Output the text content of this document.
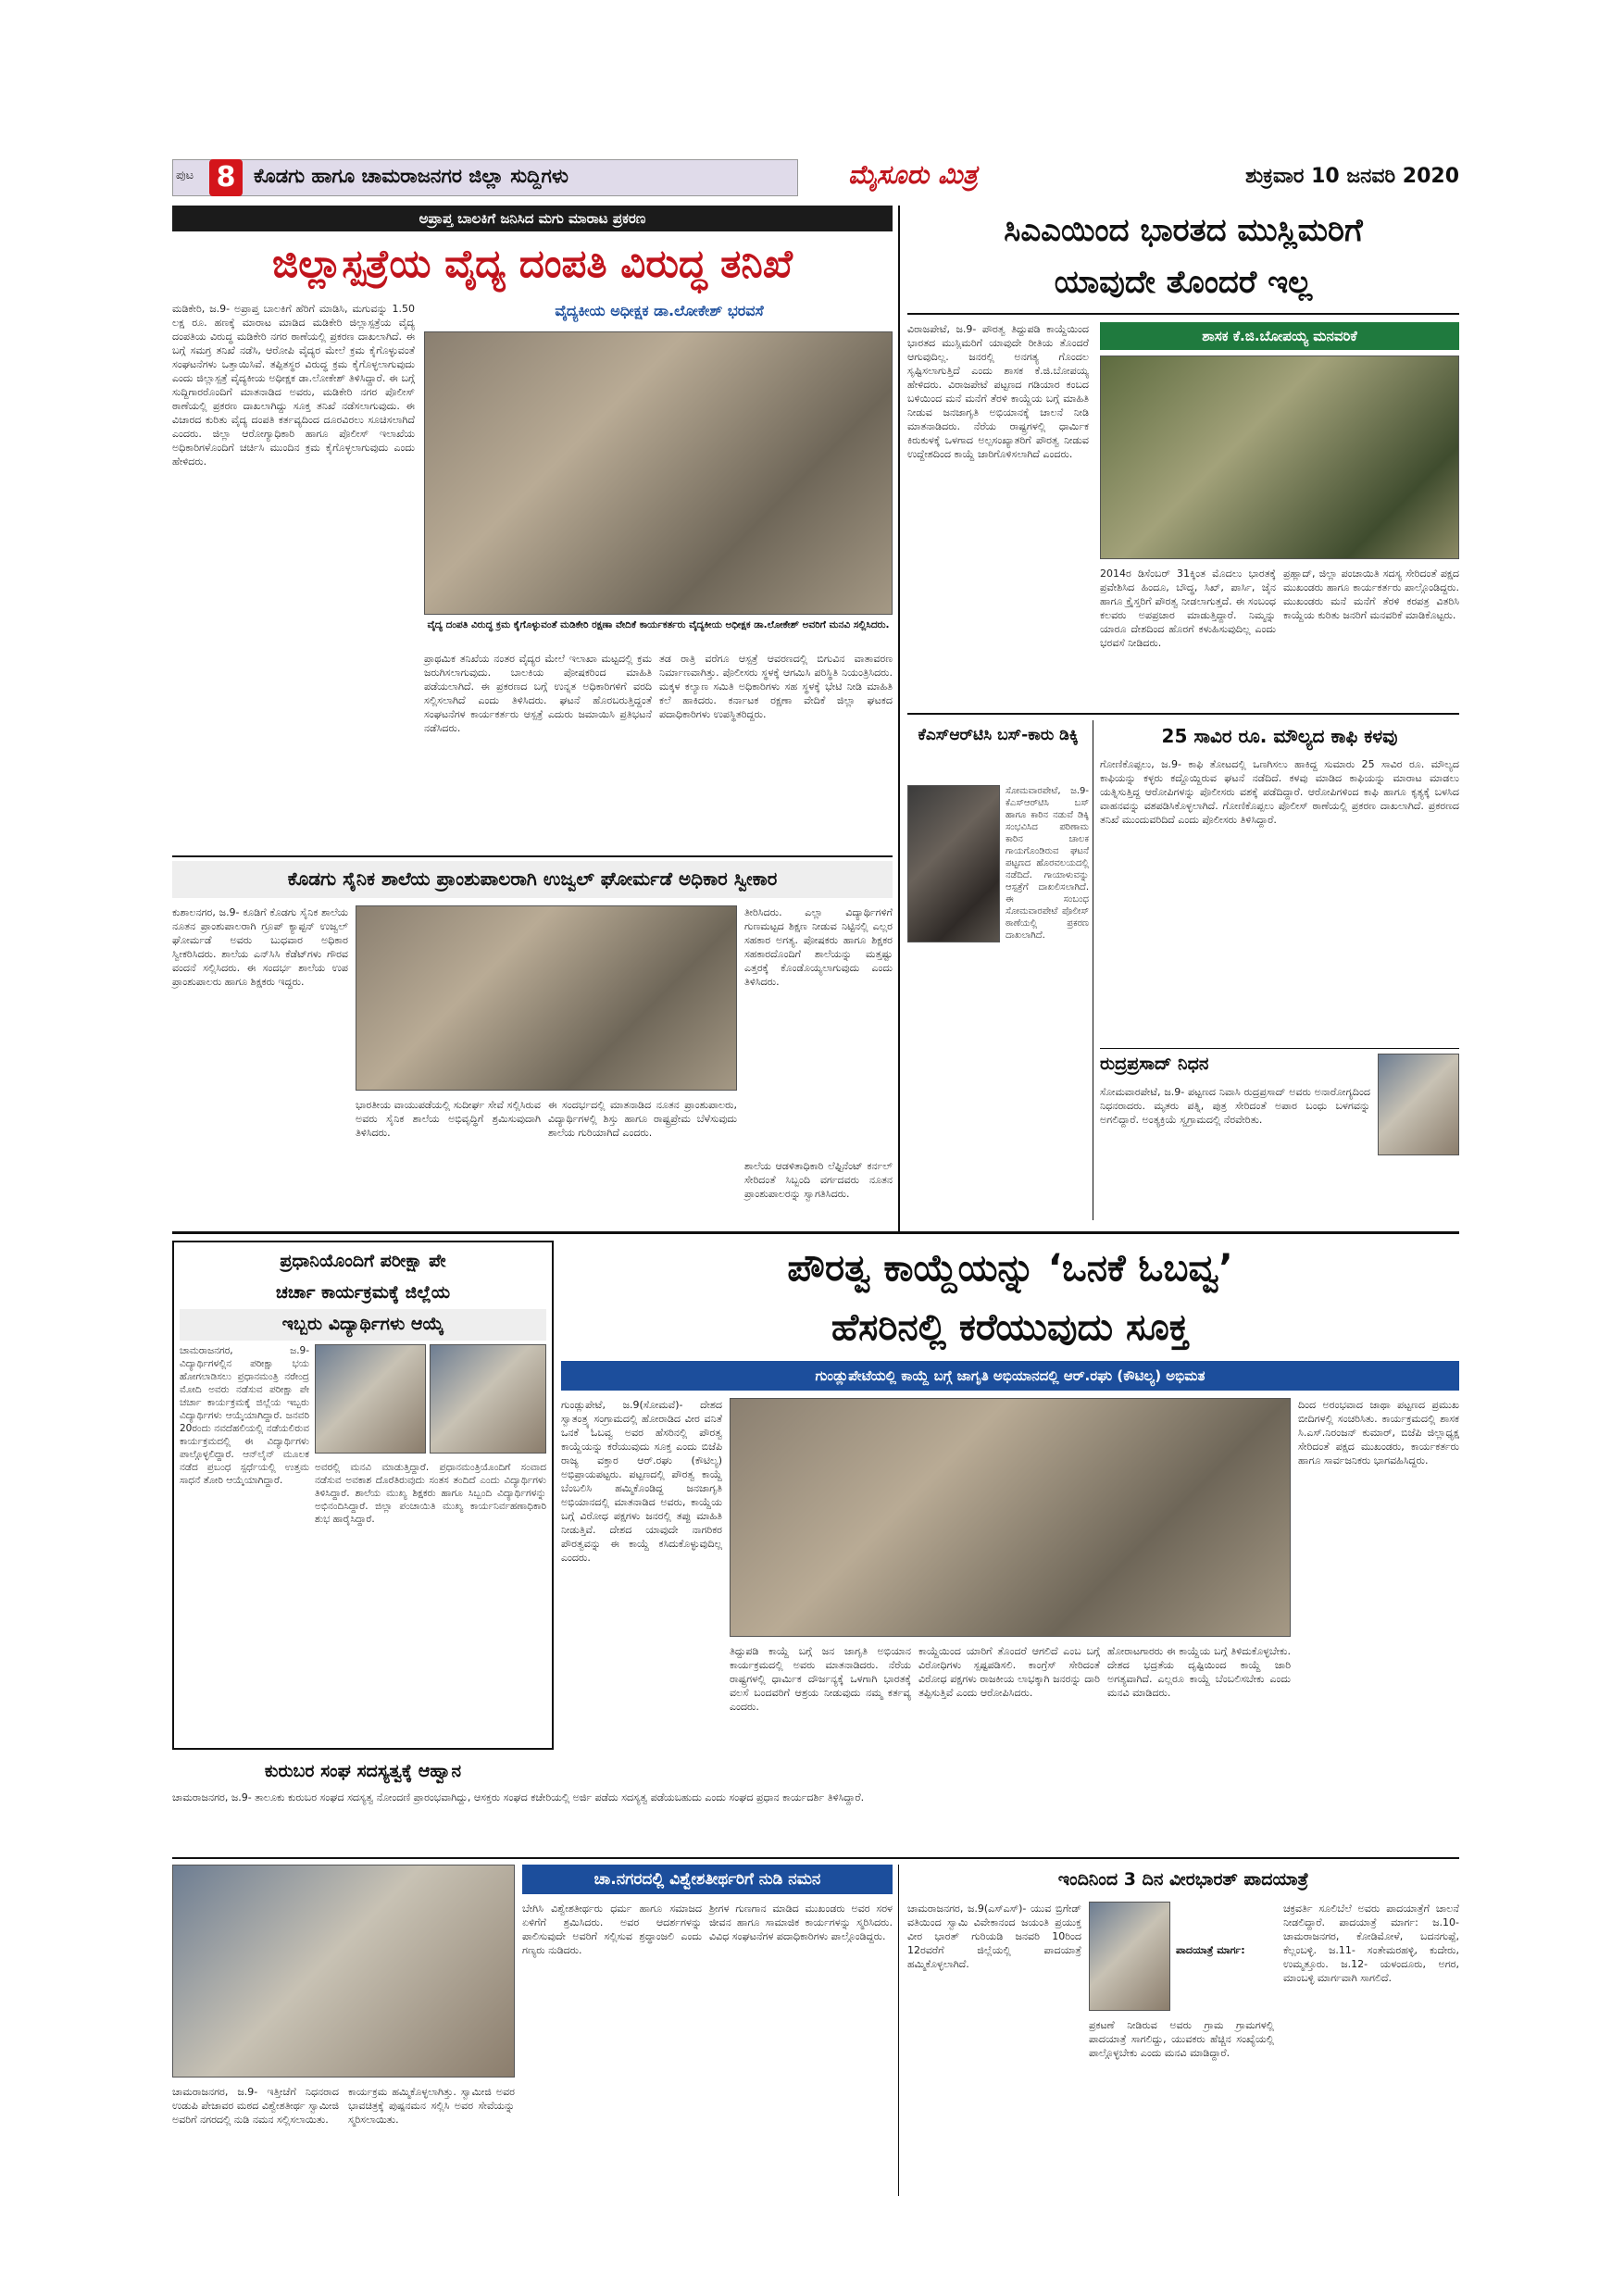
ಪುಟ 8 ಕೊಡಗು ಹಾಗೂ ಚಾಮರಾಜನಗರ ಜಿಲ್ಲಾ ಸುದ್ದಿಗಳು	ಮೈಸೂರು ಮಿತ್ರ	ಶುಕ್ರವಾರ 10 ಜನವರಿ 2020
ಅಪ್ರಾಪ್ತ ಬಾಲಕಿಗೆ ಜನಿಸಿದ ಮಗು ಮಾರಾಟ ಪ್ರಕರಣ
ಜಿಲ್ಲಾಸ್ಪತ್ರೆಯ ವೈದ್ಯ ದಂಪತಿ ವಿರುದ್ಧ ತನಿಖೆ
ವೈದ್ಯಕೀಯ ಅಧೀಕ್ಷಕ ಡಾ.ಲೋಕೇಶ್ ಭರವಸೆ
ಮಡಿಕೇರಿ, ಜ.9- ಅಪ್ರಾಪ್ತ ಬಾಲಕಿಗೆ ಹೆರಿಗೆ ಮಾಡಿಸಿ, ಮಗುವನ್ನು 1.50 ಲಕ್ಷ ರೂ. ಹಣಕ್ಕೆ ಮಾರಾಟ ಮಾಡಿದ ಮಡಿಕೇರಿ ಜಿಲ್ಲಾಸ್ಪತ್ರೆಯ ವೈದ್ಯ ದಂಪತಿಯ ವಿರುದ್ಧ ಮಡಿಕೇರಿ ನಗರ ಠಾಣೆಯಲ್ಲಿ ಪ್ರಕರಣ ದಾಖಲಾಗಿದೆ. ಈ ಬಗ್ಗೆ ಸಮಗ್ರ ತನಿಖೆ ನಡೆಸಿ, ಆರೋಪಿ ವೈದ್ಯರ ಮೇಲೆ ಕ್ರಮ ಕೈಗೊಳ್ಳುವಂತೆ ಸಂಘಟನೆಗಳು ಒತ್ತಾಯಿಸಿವೆ. ತಪ್ಪಿತಸ್ಥರ ವಿರುದ್ಧ ಕ್ರಮ ಕೈಗೊಳ್ಳಲಾಗುವುದು ಎಂದು ಜಿಲ್ಲಾಸ್ಪತ್ರೆ ವೈದ್ಯಕೀಯ ಅಧೀಕ್ಷಕ ಡಾ.ಲೋಕೇಶ್ ತಿಳಿಸಿದ್ದಾರೆ. ಈ ಬಗ್ಗೆ ಸುದ್ದಿಗಾರರೊಂದಿಗೆ ಮಾತನಾಡಿದ ಅವರು, ಮಡಿಕೇರಿ ನಗರ ಪೊಲೀಸ್ ಠಾಣೆಯಲ್ಲಿ ಪ್ರಕರಣ ದಾಖಲಾಗಿದ್ದು ಸೂಕ್ತ ತನಿಖೆ ನಡೆಸಲಾಗುವುದು. ಈ ವಿಚಾರದ ಕುರಿತು ವೈದ್ಯ ದಂಪತಿ ಕರ್ತವ್ಯದಿಂದ ದೂರವಿರಲು ಸೂಚಿಸಲಾಗಿದೆ ಎಂದರು. ಜಿಲ್ಲಾ ಆರೋಗ್ಯಾಧಿಕಾರಿ ಹಾಗೂ ಪೊಲೀಸ್ ಇಲಾಖೆಯ ಅಧಿಕಾರಿಗಳೊಂದಿಗೆ ಚರ್ಚಿಸಿ ಮುಂದಿನ ಕ್ರಮ ಕೈಗೊಳ್ಳಲಾಗುವುದು ಎಂದು ಹೇಳಿದರು.
ವೈದ್ಯ ದಂಪತಿ ವಿರುದ್ಧ ಕ್ರಮ ಕೈಗೊಳ್ಳುವಂತೆ ಮಡಿಕೇರಿ ರಕ್ಷಣಾ ವೇದಿಕೆ ಕಾರ್ಯಕರ್ತರು ವೈದ್ಯಕೀಯ ಅಧೀಕ್ಷಕ ಡಾ.ಲೋಕೇಶ್ ಅವರಿಗೆ ಮನವಿ ಸಲ್ಲಿಸಿದರು.
ಪ್ರಾಥಮಿಕ ತನಿಖೆಯ ನಂತರ ವೈದ್ಯರ ಮೇಲೆ ಇಲಾಖಾ ಮಟ್ಟದಲ್ಲಿ ಕ್ರಮ ಜರುಗಿಸಲಾಗುವುದು. ಬಾಲಕಿಯ ಪೋಷಕರಿಂದ ಮಾಹಿತಿ ಪಡೆಯಲಾಗಿದೆ. ಈ ಪ್ರಕರಣದ ಬಗ್ಗೆ ಉನ್ನತ ಅಧಿಕಾರಿಗಳಿಗೆ ವರದಿ ಸಲ್ಲಿಸಲಾಗಿದೆ ಎಂದು ತಿಳಿಸಿದರು. ಘಟನೆ ಹೊರಬರುತ್ತಿದ್ದಂತೆ ಸಂಘಟನೆಗಳ ಕಾರ್ಯಕರ್ತರು ಆಸ್ಪತ್ರೆ ಎದುರು ಜಮಾಯಿಸಿ ಪ್ರತಿಭಟನೆ ನಡೆಸಿದರು.
ತಡ ರಾತ್ರಿ ವರೆಗೂ ಆಸ್ಪತ್ರೆ ಆವರಣದಲ್ಲಿ ಬಿಗುವಿನ ವಾತಾವರಣ ನಿರ್ಮಾಣವಾಗಿತ್ತು. ಪೊಲೀಸರು ಸ್ಥಳಕ್ಕೆ ಆಗಮಿಸಿ ಪರಿಸ್ಥಿತಿ ನಿಯಂತ್ರಿಸಿದರು. ಮಕ್ಕಳ ಕಲ್ಯಾಣ ಸಮಿತಿ ಅಧಿಕಾರಿಗಳು ಸಹ ಸ್ಥಳಕ್ಕೆ ಭೇಟಿ ನೀಡಿ ಮಾಹಿತಿ ಕಲೆ ಹಾಕಿದರು. ಕರ್ನಾಟಕ ರಕ್ಷಣಾ ವೇದಿಕೆ ಜಿಲ್ಲಾ ಘಟಕದ ಪದಾಧಿಕಾರಿಗಳು ಉಪಸ್ಥಿತರಿದ್ದರು.
ಸಿಎಎಯಿಂದ ಭಾರತದ ಮುಸ್ಲಿಮರಿಗೆ
ಯಾವುದೇ ತೊಂದರೆ ಇಲ್ಲ
ವಿರಾಜಪೇಟೆ, ಜ.9- ಪೌರತ್ವ ತಿದ್ದುಪಡಿ ಕಾಯ್ದೆಯಿಂದ ಭಾರತದ ಮುಸ್ಲಿಮರಿಗೆ ಯಾವುದೇ ರೀತಿಯ ತೊಂದರೆ ಆಗುವುದಿಲ್ಲ. ಜನರಲ್ಲಿ ಅನಗತ್ಯ ಗೊಂದಲ ಸೃಷ್ಟಿಸಲಾಗುತ್ತಿದೆ ಎಂದು ಶಾಸಕ ಕೆ.ಜಿ.ಬೋಪಯ್ಯ ಹೇಳಿದರು. ವಿರಾಜಪೇಟೆ ಪಟ್ಟಣದ ಗಡಿಯಾರ ಕಂಬದ ಬಳಿಯಿಂದ ಮನೆ ಮನೆಗೆ ತೆರಳಿ ಕಾಯ್ದೆಯ ಬಗ್ಗೆ ಮಾಹಿತಿ ನೀಡುವ ಜನಜಾಗೃತಿ ಅಭಿಯಾನಕ್ಕೆ ಚಾಲನೆ ನೀಡಿ ಮಾತನಾಡಿದರು. ನೆರೆಯ ರಾಷ್ಟ್ರಗಳಲ್ಲಿ ಧಾರ್ಮಿಕ ಕಿರುಕುಳಕ್ಕೆ ಒಳಗಾದ ಅಲ್ಪಸಂಖ್ಯಾತರಿಗೆ ಪೌರತ್ವ ನೀಡುವ ಉದ್ದೇಶದಿಂದ ಕಾಯ್ದೆ ಜಾರಿಗೊಳಿಸಲಾಗಿದೆ ಎಂದರು.
ಶಾಸಕ ಕೆ.ಜಿ.ಬೋಪಯ್ಯ ಮನವರಿಕೆ
2014ರ ಡಿಸೆಂಬರ್ 31ಕ್ಕಿಂತ ಮೊದಲು ಭಾರತಕ್ಕೆ ಪ್ರವೇಶಿಸಿದ ಹಿಂದೂ, ಬೌದ್ಧ, ಸಿಖ್, ಪಾರ್ಸಿ, ಜೈನ ಹಾಗೂ ಕ್ರೈಸ್ತರಿಗೆ ಪೌರತ್ವ ನೀಡಲಾಗುತ್ತದೆ. ಈ ಸಂಬಂಧ ಕಲವರು ಅಪಪ್ರಚಾರ ಮಾಡುತ್ತಿದ್ದಾರೆ. ನಿಮ್ಮನ್ನು ಯಾರೂ ದೇಶದಿಂದ ಹೊರಗೆ ಕಳುಹಿಸುವುದಿಲ್ಲ ಎಂದು ಭರವಸೆ ನೀಡಿದರು.
ಪ್ರಹ್ಲಾದ್, ಜಿಲ್ಲಾ ಪಂಚಾಯಿತಿ ಸದಸ್ಯ ಸೇರಿದಂತೆ ಪಕ್ಷದ ಮುಖಂಡರು ಹಾಗೂ ಕಾರ್ಯಕರ್ತರು ಪಾಲ್ಗೊಂಡಿದ್ದರು. ಮುಖಂಡರು ಮನೆ ಮನೆಗೆ ತೆರಳಿ ಕರಪತ್ರ ವಿತರಿಸಿ ಕಾಯ್ದೆಯ ಕುರಿತು ಜನರಿಗೆ ಮನವರಿಕೆ ಮಾಡಿಕೊಟ್ಟರು.
ಕೆಎಸ್‌ಆರ್‌ಟಿಸಿ ಬಸ್-ಕಾರು ಡಿಕ್ಕಿ
ಸೋಮವಾರಪೇಟೆ, ಜ.9- ಕೆಎಸ್‌ಆರ್‌ಟಿಸಿ ಬಸ್ ಹಾಗೂ ಕಾರಿನ ನಡುವೆ ಡಿಕ್ಕಿ ಸಂಭವಿಸಿದ ಪರಿಣಾಮ ಕಾರಿನ ಚಾಲಕ ಗಾಯಗೊಂಡಿರುವ ಘಟನೆ ಪಟ್ಟಣದ ಹೊರವಲಯದಲ್ಲಿ ನಡೆದಿದೆ. ಗಾಯಾಳುವನ್ನು ಆಸ್ಪತ್ರೆಗೆ ದಾಖಲಿಸಲಾಗಿದೆ. ಈ ಸಂಬಂಧ ಸೋಮವಾರಪೇಟೆ ಪೊಲೀಸ್ ಠಾಣೆಯಲ್ಲಿ ಪ್ರಕರಣ ದಾಖಲಾಗಿದೆ.
25 ಸಾವಿರ ರೂ. ಮೌಲ್ಯದ ಕಾಫಿ ಕಳವು
ಗೋಣಿಕೊಪ್ಪಲು, ಜ.9- ಕಾಫಿ ತೋಟದಲ್ಲಿ ಒಣಗಿಸಲು ಹಾಕಿದ್ದ ಸುಮಾರು 25 ಸಾವಿರ ರೂ. ಮೌಲ್ಯದ ಕಾಫಿಯನ್ನು ಕಳ್ಳರು ಕದ್ದೊಯ್ದಿರುವ ಘಟನೆ ನಡೆದಿದೆ. ಕಳವು ಮಾಡಿದ ಕಾಫಿಯನ್ನು ಮಾರಾಟ ಮಾಡಲು ಯತ್ನಿಸುತ್ತಿದ್ದ ಆರೋಪಿಗಳನ್ನು ಪೊಲೀಸರು ವಶಕ್ಕೆ ಪಡೆದಿದ್ದಾರೆ. ಆರೋಪಿಗಳಿಂದ ಕಾಫಿ ಹಾಗೂ ಕೃತ್ಯಕ್ಕೆ ಬಳಸಿದ ವಾಹನವನ್ನು ವಶಪಡಿಸಿಕೊಳ್ಳಲಾಗಿದೆ. ಗೋಣಿಕೊಪ್ಪಲು ಪೊಲೀಸ್ ಠಾಣೆಯಲ್ಲಿ ಪ್ರಕರಣ ದಾಖಲಾಗಿದೆ. ಪ್ರಕರಣದ ತನಿಖೆ ಮುಂದುವರಿದಿದೆ ಎಂದು ಪೊಲೀಸರು ತಿಳಿಸಿದ್ದಾರೆ.
ರುದ್ರಪ್ರಸಾದ್ ನಿಧನ
ಸೋಮವಾರಪೇಟೆ, ಜ.9- ಪಟ್ಟಣದ ನಿವಾಸಿ ರುದ್ರಪ್ರಸಾದ್ ಅವರು ಅನಾರೋಗ್ಯದಿಂದ ನಿಧನರಾದರು. ಮೃತರು ಪತ್ನಿ, ಪುತ್ರ ಸೇರಿದಂತೆ ಅಪಾರ ಬಂಧು ಬಳಗವನ್ನು ಅಗಲಿದ್ದಾರೆ. ಅಂತ್ಯಕ್ರಿಯೆ ಸ್ವಗ್ರಾಮದಲ್ಲಿ ನೆರವೇರಿತು.
ಕೊಡಗು ಸೈನಿಕ ಶಾಲೆಯ ಪ್ರಾಂಶುಪಾಲರಾಗಿ ಉಜ್ವಲ್ ಘೋರ್ಮಡೆ ಅಧಿಕಾರ ಸ್ವೀಕಾರ
ಕುಶಾಲನಗರ, ಜ.9- ಕೂಡಿಗೆ ಕೊಡಗು ಸೈನಿಕ ಶಾಲೆಯ ನೂತನ ಪ್ರಾಂಶುಪಾಲರಾಗಿ ಗ್ರೂಪ್ ಕ್ಯಾಪ್ಟನ್ ಉಜ್ವಲ್ ಘೋರ್ಮಡೆ ಅವರು ಬುಧವಾರ ಅಧಿಕಾರ ಸ್ವೀಕರಿಸಿದರು. ಶಾಲೆಯ ಎನ್‌ಸಿಸಿ ಕೆಡೆಟ್‌ಗಳು ಗೌರವ ವಂದನೆ ಸಲ್ಲಿಸಿದರು. ಈ ಸಂದರ್ಭ ಶಾಲೆಯ ಉಪ ಪ್ರಾಂಶುಪಾಲರು ಹಾಗೂ ಶಿಕ್ಷಕರು ಇದ್ದರು.
ತೀರಿಸಿದರು. ಎಲ್ಲಾ ವಿದ್ಯಾರ್ಥಿಗಳಿಗೆ ಗುಣಮಟ್ಟದ ಶಿಕ್ಷಣ ನೀಡುವ ನಿಟ್ಟಿನಲ್ಲಿ ಎಲ್ಲರ ಸಹಕಾರ ಅಗತ್ಯ. ಪೋಷಕರು ಹಾಗೂ ಶಿಕ್ಷಕರ ಸಹಕಾರದೊಂದಿಗೆ ಶಾಲೆಯನ್ನು ಮತ್ತಷ್ಟು ಎತ್ತರಕ್ಕೆ ಕೊಂಡೊಯ್ಯಲಾಗುವುದು ಎಂದು ತಿಳಿಸಿದರು.
ಭಾರತೀಯ ವಾಯುಪಡೆಯಲ್ಲಿ ಸುದೀರ್ಘ ಸೇವೆ ಸಲ್ಲಿಸಿರುವ ಅವರು ಸೈನಿಕ ಶಾಲೆಯ ಅಭಿವೃದ್ಧಿಗೆ ಶ್ರಮಿಸುವುದಾಗಿ ತಿಳಿಸಿದರು.
ಈ ಸಂದರ್ಭದಲ್ಲಿ ಮಾತನಾಡಿದ ನೂತನ ಪ್ರಾಂಶುಪಾಲರು, ವಿದ್ಯಾರ್ಥಿಗಳಲ್ಲಿ ಶಿಸ್ತು ಹಾಗೂ ರಾಷ್ಟ್ರಪ್ರೇಮ ಬೆಳೆಸುವುದು ಶಾಲೆಯ ಗುರಿಯಾಗಿದೆ ಎಂದರು.
ಶಾಲೆಯ ಆಡಳಿತಾಧಿಕಾರಿ ಲೆಫ್ಟಿನೆಂಟ್ ಕರ್ನಲ್ ಸೇರಿದಂತೆ ಸಿಬ್ಬಂದಿ ವರ್ಗದವರು ನೂತನ ಪ್ರಾಂಶುಪಾಲರನ್ನು ಸ್ವಾಗತಿಸಿದರು.
ಪ್ರಧಾನಿಯೊಂದಿಗೆ ಪರೀಕ್ಷಾ ಪೇ
ಚರ್ಚಾ ಕಾರ್ಯಕ್ರಮಕ್ಕೆ ಜಿಲ್ಲೆಯ
ಇಬ್ಬರು ವಿದ್ಯಾರ್ಥಿಗಳು ಆಯ್ಕೆ
ಚಾಮರಾಜನಗರ, ಜ.9- ವಿದ್ಯಾರ್ಥಿಗಳಲ್ಲಿನ ಪರೀಕ್ಷಾ ಭಯ ಹೋಗಲಾಡಿಸಲು ಪ್ರಧಾನಮಂತ್ರಿ ನರೇಂದ್ರ ಮೋದಿ ಅವರು ನಡೆಸುವ ಪರೀಕ್ಷಾ ಪೇ ಚರ್ಚಾ ಕಾರ್ಯಕ್ರಮಕ್ಕೆ ಜಿಲ್ಲೆಯ ಇಬ್ಬರು ವಿದ್ಯಾರ್ಥಿಗಳು ಆಯ್ಕೆಯಾಗಿದ್ದಾರೆ. ಜನವರಿ 20ರಂದು ನವದೆಹಲಿಯಲ್ಲಿ ನಡೆಯಲಿರುವ ಕಾರ್ಯಕ್ರಮದಲ್ಲಿ ಈ ವಿದ್ಯಾರ್ಥಿಗಳು ಪಾಲ್ಗೊಳ್ಳಲಿದ್ದಾರೆ. ಆನ್‌ಲೈನ್ ಮೂಲಕ ನಡೆದ ಪ್ರಬಂಧ ಸ್ಪರ್ಧೆಯಲ್ಲಿ ಉತ್ತಮ ಸಾಧನೆ ತೋರಿ ಆಯ್ಕೆಯಾಗಿದ್ದಾರೆ.
ಅವರಲ್ಲಿ ಮನವಿ ಮಾಡುತ್ತಿದ್ದಾರೆ. ಪ್ರಧಾನಮಂತ್ರಿಯೊಂದಿಗೆ ಸಂವಾದ ನಡೆಸುವ ಅವಕಾಶ ದೊರೆತಿರುವುದು ಸಂತಸ ತಂದಿದೆ ಎಂದು ವಿದ್ಯಾರ್ಥಿಗಳು ತಿಳಿಸಿದ್ದಾರೆ. ಶಾಲೆಯ ಮುಖ್ಯ ಶಿಕ್ಷಕರು ಹಾಗೂ ಸಿಬ್ಬಂದಿ ವಿದ್ಯಾರ್ಥಿಗಳನ್ನು ಅಭಿನಂದಿಸಿದ್ದಾರೆ. ಜಿಲ್ಲಾ ಪಂಚಾಯಿತಿ ಮುಖ್ಯ ಕಾರ್ಯನಿರ್ವಹಣಾಧಿಕಾರಿ ಶುಭ ಹಾರೈಸಿದ್ದಾರೆ.
ಕುರುಬರ ಸಂಘ ಸದಸ್ಯತ್ವಕ್ಕೆ ಆಹ್ವಾನ
ಚಾಮರಾಜನಗರ, ಜ.9- ತಾಲೂಕು ಕುರುಬರ ಸಂಘದ ಸದಸ್ಯತ್ವ ನೋಂದಣಿ ಪ್ರಾರಂಭವಾಗಿದ್ದು, ಆಸಕ್ತರು ಸಂಘದ ಕಚೇರಿಯಲ್ಲಿ ಅರ್ಜಿ ಪಡೆದು ಸದಸ್ಯತ್ವ ಪಡೆಯಬಹುದು ಎಂದು ಸಂಘದ ಪ್ರಧಾನ ಕಾರ್ಯದರ್ಶಿ ತಿಳಿಸಿದ್ದಾರೆ.
ಪೌರತ್ವ ಕಾಯ್ದೆಯನ್ನು ‘ಒನಕೆ ಓಬವ್ವ’
ಹೆಸರಿನಲ್ಲಿ ಕರೆಯುವುದು ಸೂಕ್ತ
ಗುಂಡ್ಲುಪೇಟೆಯಲ್ಲಿ ಕಾಯ್ದೆ ಬಗ್ಗೆ ಜಾಗೃತಿ ಅಭಿಯಾನದಲ್ಲಿ ಆರ್.ರಘು (ಕೌಟಿಲ್ಯ) ಅಭಿಮತ
ಗುಂಡ್ಲುಪೇಟೆ, ಜ.9(ಸೋಮವೆ)- ದೇಶದ ಸ್ವಾತಂತ್ರ್ಯ ಸಂಗ್ರಾಮದಲ್ಲಿ ಹೋರಾಡಿದ ವೀರ ವನಿತೆ ಒನಕೆ ಓಬವ್ವ ಅವರ ಹೆಸರಿನಲ್ಲಿ ಪೌರತ್ವ ಕಾಯ್ದೆಯನ್ನು ಕರೆಯುವುದು ಸೂಕ್ತ ಎಂದು ಬಿಜೆಪಿ ರಾಜ್ಯ ವಕ್ತಾರ ಆರ್.ರಘು (ಕೌಟಿಲ್ಯ) ಅಭಿಪ್ರಾಯಪಟ್ಟರು. ಪಟ್ಟಣದಲ್ಲಿ ಪೌರತ್ವ ಕಾಯ್ದೆ ಬೆಂಬಲಿಸಿ ಹಮ್ಮಿಕೊಂಡಿದ್ದ ಜನಜಾಗೃತಿ ಅಭಿಯಾನದಲ್ಲಿ ಮಾತನಾಡಿದ ಅವರು, ಕಾಯ್ದೆಯ ಬಗ್ಗೆ ವಿರೋಧ ಪಕ್ಷಗಳು ಜನರಲ್ಲಿ ತಪ್ಪು ಮಾಹಿತಿ ನೀಡುತ್ತಿವೆ. ದೇಶದ ಯಾವುದೇ ನಾಗರಿಕರ ಪೌರತ್ವವನ್ನು ಈ ಕಾಯ್ದೆ ಕಸಿದುಕೊಳ್ಳುವುದಿಲ್ಲ ಎಂದರು.
ದಿಂದ ಅರಂಭವಾದ ಜಾಥಾ ಪಟ್ಟಣದ ಪ್ರಮುಖ ಬೀದಿಗಳಲ್ಲಿ ಸಂಚರಿಸಿತು. ಕಾರ್ಯಕ್ರಮದಲ್ಲಿ ಶಾಸಕ ಸಿ.ಎಸ್.ನಿರಂಜನ್ ಕುಮಾರ್, ಬಿಜೆಪಿ ಜಿಲ್ಲಾಧ್ಯಕ್ಷ ಸೇರಿದಂತೆ ಪಕ್ಷದ ಮುಖಂಡರು, ಕಾರ್ಯಕರ್ತರು ಹಾಗೂ ಸಾರ್ವಜನಿಕರು ಭಾಗವಹಿಸಿದ್ದರು.
ತಿದ್ದುಪಡಿ ಕಾಯ್ದೆ ಬಗ್ಗೆ ಜನ ಜಾಗೃತಿ ಅಭಿಯಾನ ಕಾರ್ಯಕ್ರಮದಲ್ಲಿ ಅವರು ಮಾತನಾಡಿದರು. ನೆರೆಯ ರಾಷ್ಟ್ರಗಳಲ್ಲಿ ಧಾರ್ಮಿಕ ದೌರ್ಜನ್ಯಕ್ಕೆ ಒಳಗಾಗಿ ಭಾರತಕ್ಕೆ ವಲಸೆ ಬಂದವರಿಗೆ ಆಶ್ರಯ ನೀಡುವುದು ನಮ್ಮ ಕರ್ತವ್ಯ ಎಂದರು.
ಕಾಯ್ದೆಯಿಂದ ಯಾರಿಗೆ ತೊಂದರೆ ಆಗಲಿದೆ ಎಂಬ ಬಗ್ಗೆ ವಿರೋಧಿಗಳು ಸ್ಪಷ್ಟಪಡಿಸಲಿ. ಕಾಂಗ್ರೆಸ್ ಸೇರಿದಂತೆ ವಿರೋಧ ಪಕ್ಷಗಳು ರಾಜಕೀಯ ಲಾಭಕ್ಕಾಗಿ ಜನರನ್ನು ದಾರಿ ತಪ್ಪಿಸುತ್ತಿವೆ ಎಂದು ಆರೋಪಿಸಿದರು.
ಹೋರಾಟಗಾರರು ಈ ಕಾಯ್ದೆಯ ಬಗ್ಗೆ ತಿಳಿದುಕೊಳ್ಳಬೇಕು. ದೇಶದ ಭದ್ರತೆಯ ದೃಷ್ಟಿಯಿಂದ ಕಾಯ್ದೆ ಜಾರಿ ಅಗತ್ಯವಾಗಿದೆ. ಎಲ್ಲರೂ ಕಾಯ್ದೆ ಬೆಂಬಲಿಸಬೇಕು ಎಂದು ಮನವಿ ಮಾಡಿದರು.
ಚಾ.ನಗರದಲ್ಲಿ ವಿಶ್ವೇಶತೀರ್ಥರಿಗೆ ನುಡಿ ನಮನ
ಬೇಗಿಸಿ ವಿಶ್ವೇಶತೀರ್ಥರು ಧರ್ಮ ಹಾಗೂ ಸಮಾಜದ ಏಳಿಗೆಗೆ ಶ್ರಮಿಸಿದರು. ಅವರ ಆದರ್ಶಗಳನ್ನು ಪಾಲಿಸುವುದೇ ಅವರಿಗೆ ಸಲ್ಲಿಸುವ ಶ್ರದ್ಧಾಂಜಲಿ ಎಂದು ಗಣ್ಯರು ನುಡಿದರು.
ಶ್ರೀಗಳ ಗುಣಗಾನ ಮಾಡಿದ ಮುಖಂಡರು ಅವರ ಸರಳ ಜೀವನ ಹಾಗೂ ಸಾಮಾಜಿಕ ಕಾರ್ಯಗಳನ್ನು ಸ್ಮರಿಸಿದರು. ವಿವಿಧ ಸಂಘಟನೆಗಳ ಪದಾಧಿಕಾರಿಗಳು ಪಾಲ್ಗೊಂಡಿದ್ದರು.
ಚಾಮರಾಜನಗರ, ಜ.9- ಇತ್ತೀಚೆಗೆ ನಿಧನರಾದ ಉಡುಪಿ ಪೇಜಾವರ ಮಠದ ವಿಶ್ವೇಶತೀರ್ಥ ಸ್ವಾಮೀಜಿ ಅವರಿಗೆ ನಗರದಲ್ಲಿ ನುಡಿ ನಮನ ಸಲ್ಲಿಸಲಾಯಿತು.
ಕಾರ್ಯಕ್ರಮ ಹಮ್ಮಿಕೊಳ್ಳಲಾಗಿತ್ತು. ಸ್ವಾಮೀಜಿ ಅವರ ಭಾವಚಿತ್ರಕ್ಕೆ ಪುಷ್ಪನಮನ ಸಲ್ಲಿಸಿ ಅವರ ಸೇವೆಯನ್ನು ಸ್ಮರಿಸಲಾಯಿತು.
ಇಂದಿನಿಂದ 3 ದಿನ ವೀರಭಾರತ್ ಪಾದಯಾತ್ರೆ
ಚಾಮರಾಜನಗರ, ಜ.9(ಎಸ್‌ಎಸ್)- ಯುವ ಬ್ರಿಗೇಡ್ ವತಿಯಿಂದ ಸ್ವಾಮಿ ವಿವೇಕಾನಂದ ಜಯಂತಿ ಪ್ರಯುಕ್ತ ವೀರ ಭಾರತ್ ಗುರಿಯಡಿ ಜನವರಿ 10ರಿಂದ 12ರವರೆಗೆ ಜಿಲ್ಲೆಯಲ್ಲಿ ಪಾದಯಾತ್ರೆ ಹಮ್ಮಿಕೊಳ್ಳಲಾಗಿದೆ.
ಪಾದಯಾತ್ರೆ ಮಾರ್ಗ:
ಪ್ರಕಟಣೆ ನೀಡಿರುವ ಅವರು ಗ್ರಾಮ ಗ್ರಾಮಗಳಲ್ಲಿ ಪಾದಯಾತ್ರೆ ಸಾಗಲಿದ್ದು, ಯುವಕರು ಹೆಚ್ಚಿನ ಸಂಖ್ಯೆಯಲ್ಲಿ ಪಾಲ್ಗೊಳ್ಳಬೇಕು ಎಂದು ಮನವಿ ಮಾಡಿದ್ದಾರೆ.
ಚಕ್ರವರ್ತಿ ಸೂಲಿಬೆಲೆ ಅವರು ಪಾದಯಾತ್ರೆಗೆ ಚಾಲನೆ ನೀಡಲಿದ್ದಾರೆ. ಪಾದಯಾತ್ರೆ ಮಾರ್ಗ: ಜ.10- ಚಾಮರಾಜನಗರ, ಕೋಡಿಮೋಳೆ, ಬದನಗುಪ್ಪೆ, ಕೆಲ್ಲಂಬಳ್ಳಿ. ಜ.11- ಸಂತೇಮರಹಳ್ಳಿ, ಕುದೇರು, ಉಮ್ಮತ್ತೂರು. ಜ.12- ಯಳಂದೂರು, ಅಗರ, ಮಾಂಬಳ್ಳಿ ಮಾರ್ಗವಾಗಿ ಸಾಗಲಿದೆ.
